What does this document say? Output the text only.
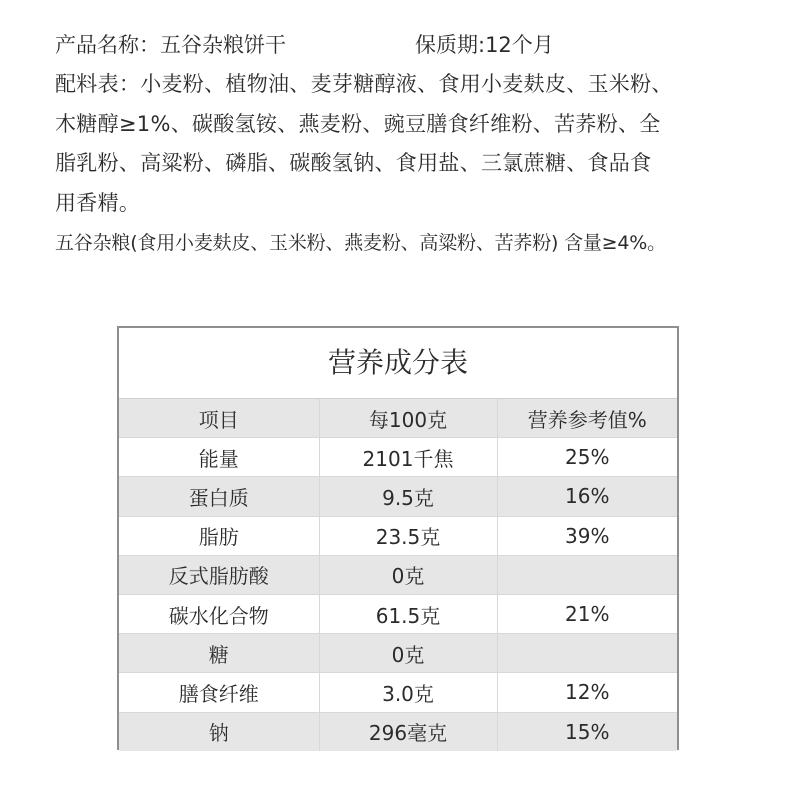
产品名称：五谷杂粮饼干	保质期:12个月

配料表：小麦粉、植物油、麦芽糖醇液、食用小麦麸皮、玉米粉、
木糖醇≥1%、碳酸氢铵、燕麦粉、豌豆膳食纤维粉、苦荞粉、全
脂乳粉、高粱粉、磷脂、碳酸氢钠、食用盐、三氯蔗糖、食品食
用香精。

五谷杂粮(食用小麦麸皮、玉米粉、燕麦粉、高粱粉、苦荞粉) 含量≥4%。

营养成分表
项目	每100克	营养参考值%
能量	2101千焦	25%
蛋白质	9.5克	16%
脂肪	23.5克	39%
反式脂肪酸	0克	
碳水化合物	61.5克	21%
糖	0克	
膳食纤维	3.0克	12%
钠	296毫克	15%
